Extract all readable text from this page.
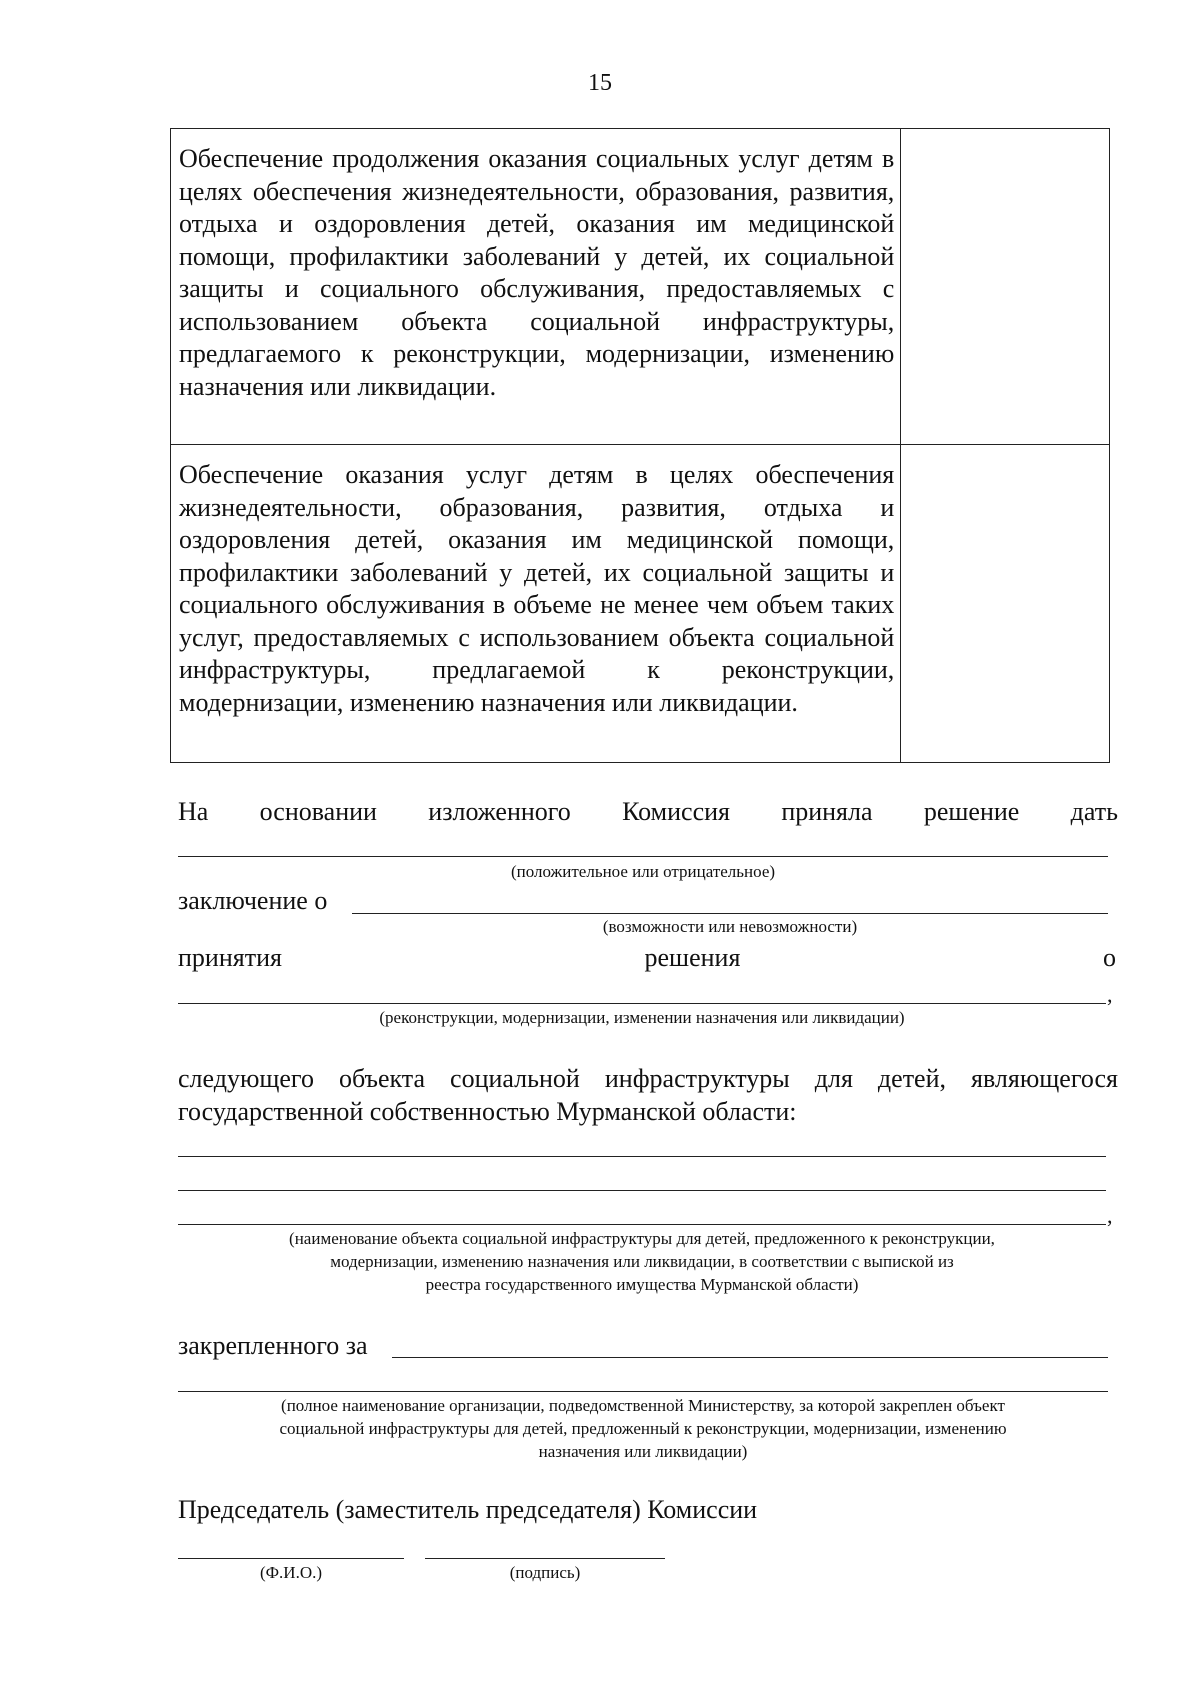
15
Обеспечение продолжения оказания социальных услуг детям в целях обеспечения жизнедеятельности, образования, развития, отдыха и оздоровления детей, оказания им медицинской помощи, профилактики заболеваний у детей, их социальной защиты и социального обслуживания, предоставляемых с использованием объекта социальной инфраструктуры, предлагаемого к реконструкции, модернизации, изменению назначения или ликвидации.	
Обеспечение оказания услуг детям в целях обеспечения жизнедеятельности, образования, развития, отдыха и оздоровления детей, оказания им медицинской помощи, профилактики заболеваний у детей, их социальной защиты и социального обслуживания в объеме не менее чем объем таких услуг, предоставляемых с использованием объекта социальной инфраструктуры, предлагаемой к реконструкции, модернизации, изменению назначения или ликвидации.	
На основании изложенного Комиссия приняла решение дать
(положительное или отрицательное)
заключение о
(возможности или невозможности)
принятия	решения	о
,
(реконструкции, модернизации, изменении назначения или ликвидации)
следующего объекта социальной инфраструктуры для детей, являющегося государственной собственностью Мурманской области:
,
(наименование объекта социальной инфраструктуры для детей, предложенного к реконструкции,
модернизации, изменению назначения или ликвидации, в соответствии с выпиской из
реестра государственного имущества Мурманской области)
закрепленного за
(полное наименование организации, подведомственной Министерству, за которой закреплен объект
социальной инфраструктуры для детей, предложенный к реконструкции, модернизации, изменению
назначения или ликвидации)
Председатель (заместитель председателя) Комиссии
(Ф.И.О.)	(подпись)
